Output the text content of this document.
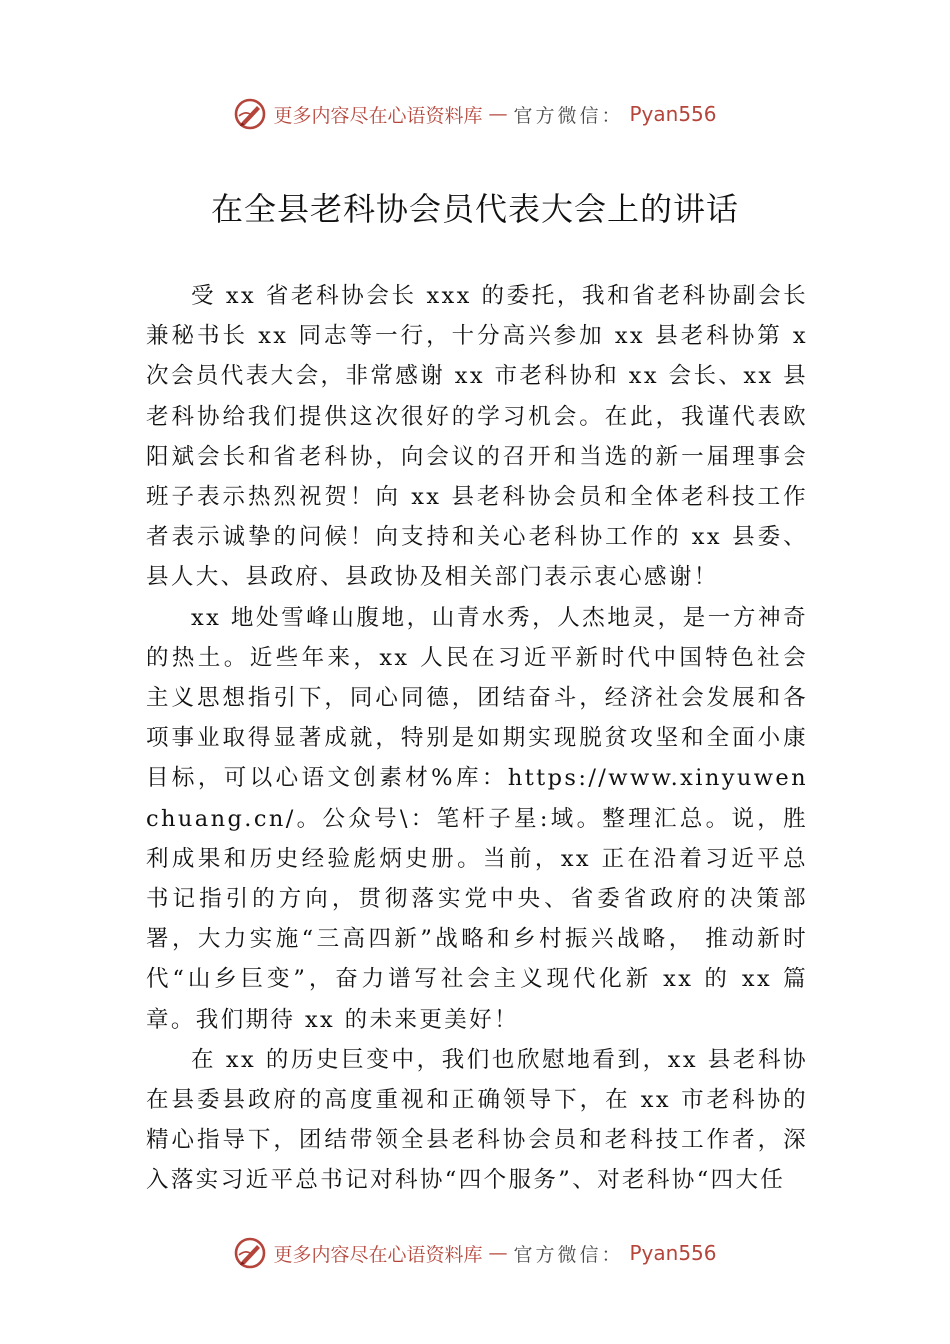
更多内容尽在心语资料库 — 官方微信： Pyan556
在全县老科协会员代表大会上的讲话

受 xx 省老科协会长 xxx 的委托，我和省老科协副会长兼秘书长 xx 同志等一行，十分高兴参加 xx 县老科协第 x 次会员代表大会，非常感谢 xx 市老科协和 xx 会长、xx 县老科协给我们提供这次很好的学习机会。在此，我谨代表欧阳斌会长和省老科协，向会议的召开和当选的新一届理事会班子表示热烈祝贺！向 xx 县老科协会员和全体老科技工作者表示诚挚的问候！向支持和关心老科协工作的 xx 县委、县人大、县政府、县政协及相关部门表示衷心感谢！

xx 地处雪峰山腹地，山青水秀，人杰地灵，是一方神奇的热土。近些年来，xx 人民在习近平新时代中国特色社会主义思想指引下，同心同德，团结奋斗，经济社会发展和各项事业取得显著成就，特别是如期实现脱贫攻坚和全面小康目标，可以心语文创素材%库：https://www.xinyuwenchuang.cn/。公众号\：笔杆子星:域。整理汇总。说，胜利成果和历史经验彪炳史册。当前，xx 正在沿着习近平总书记指引的方向，贯彻落实党中央、省委省政府的决策部署，大力实施“三高四新”战略和乡村振兴战略， 推动新时代“山乡巨变”，奋力谱写社会主义现代化新 xx 的 xx 篇章。我们期待 xx 的未来更美好！

在 xx 的历史巨变中，我们也欣慰地看到，xx 县老科协在县委县政府的高度重视和正确领导下，在 xx 市老科协的精心指导下，团结带领全县老科协会员和老科技工作者，深入落实习近平总书记对科协“四个服务”、对老科协“四大任

更多内容尽在心语资料库 — 官方微信： Pyan556
